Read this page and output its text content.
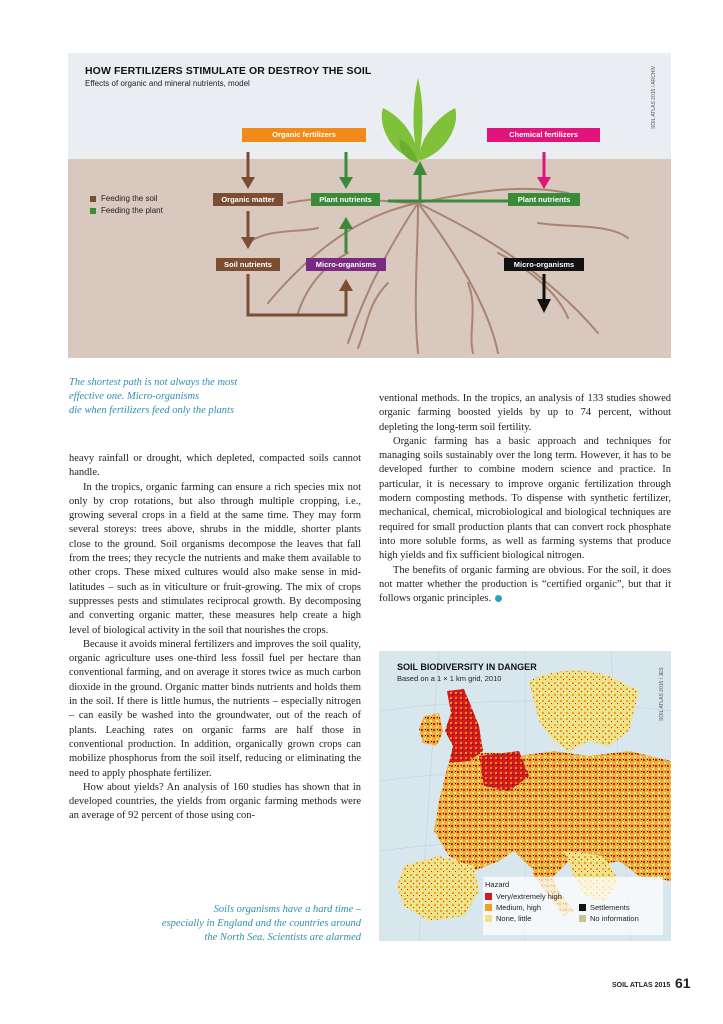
HOW FERTILIZERS STIMULATE OR DESTROY THE SOIL
Effects of organic and mineral nutrients, model	SOIL ATLAS 2015 / ARCHIV
Feeding the soil
Feeding the plant
Organic fertilizers	Chemical fertilizers
Organic matter	Plant nutrients	Plant nutrients
Soil nutrients	Micro-organisms	Micro-organisms
The shortest path is not always the most
effective one. Micro-organisms
die when fertilizers feed only the plants

heavy rainfall or drought, which depleted, compacted soils cannot handle.

In the tropics, organic farming can ensure a rich species mix not only by crop rotations, but also through multiple cropping, i.e., growing several crops in a field at the same time. They may form several storeys: trees above, shrubs in the middle, shorter plants close to the ground. Soil organisms decompose the leaves that fall from the trees; they recycle the nutrients and make them available to other crops. These mixed cultures would also make sense in mid-latitudes – such as in viticulture or fruit-growing. The mix of crops suppresses pests and stimulates reciprocal growth. By decomposing and converting organic matter, these measures help create a high level of biological activity in the soil that nourishes the crops.

Because it avoids mineral fertilizers and improves the soil quality, organic agriculture uses one-third less fossil fuel per hectare than conventional farming, and on average it stores twice as much carbon dioxide in the ground. Organic matter binds nutrients and holds them in the soil. If there is little humus, the nutrients – especially nitrogen – can easily be washed into the groundwater, out of the reach of plants. Leaching rates on organic farms are half those in conventional production. In addition, organically grown crops can mobilize phosphorus from the soil itself, reducing or eliminating the need to apply phosphate fertilizer.

How about yields? An analysis of 160 studies has shown that in developed countries, the yields from organic farming methods were an average of 92 percent of those using con-

ventional methods. In the tropics, an analysis of 133 studies showed organic farming boosted yields by up to 74 percent, without depleting the long-term soil fertility.

Organic farming has a basic approach and techniques for managing soils sustainably over the long term. However, it has to be developed further to combine modern science and practice. In particular, it is necessary to improve organic fertilization through modern composting methods. To dispense with synthetic fertilizer, mechanical, chemical, microbiological and biological techniques are required for small production plants that can convert rock phosphate into more soluble forms, as well as farming systems that produce high yields and fix sufficient biological nitrogen.

The benefits of organic farming are obvious. For the soil, it does not matter whether the production is “certified organic”, but that it follows organic principles.

Soils organisms have a hard time –
especially in England and the countries around
the North Sea. Scientists are alarmed
SOIL BIODIVERSITY IN DANGER
Based on a 1 × 1 km grid, 2010	SOIL ATLAS 2015 / JES
Hazard
Very/extremely high
Medium, high
None, little
Settlements
No information
SOIL ATLAS 2015 61
